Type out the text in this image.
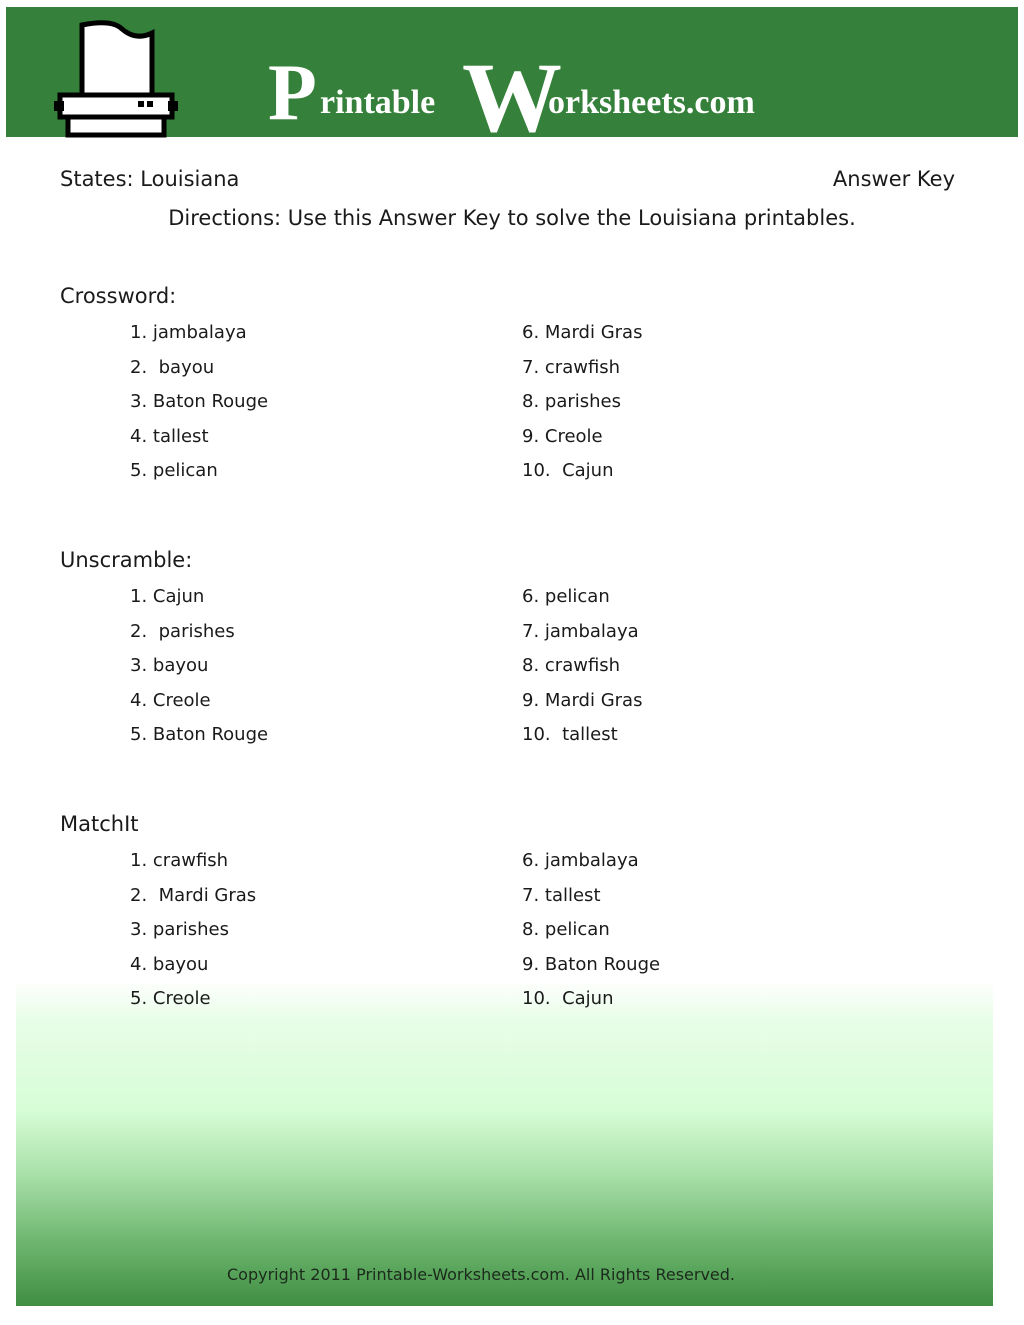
P rintable W
orksheets.com
States: Louisiana	Answer Key
Directions: Use this Answer Key to solve the Louisiana printables.
Crossword:
1. jambalaya
2.  bayou
3. Baton Rouge
4. tallest
5. pelican
6. Mardi Gras
7. crawfish
8. parishes
9. Creole
10.  Cajun
Unscramble:
1. Cajun
2.  parishes
3. bayou
4. Creole
5. Baton Rouge
6. pelican
7. jambalaya
8. crawfish
9. Mardi Gras
10.  tallest
MatchIt
1. crawfish
2.  Mardi Gras
3. parishes
4. bayou
5. Creole
6. jambalaya
7. tallest
8. pelican
9. Baton Rouge
10.  Cajun
Copyright 2011 Printable-Worksheets.com. All Rights Reserved.
